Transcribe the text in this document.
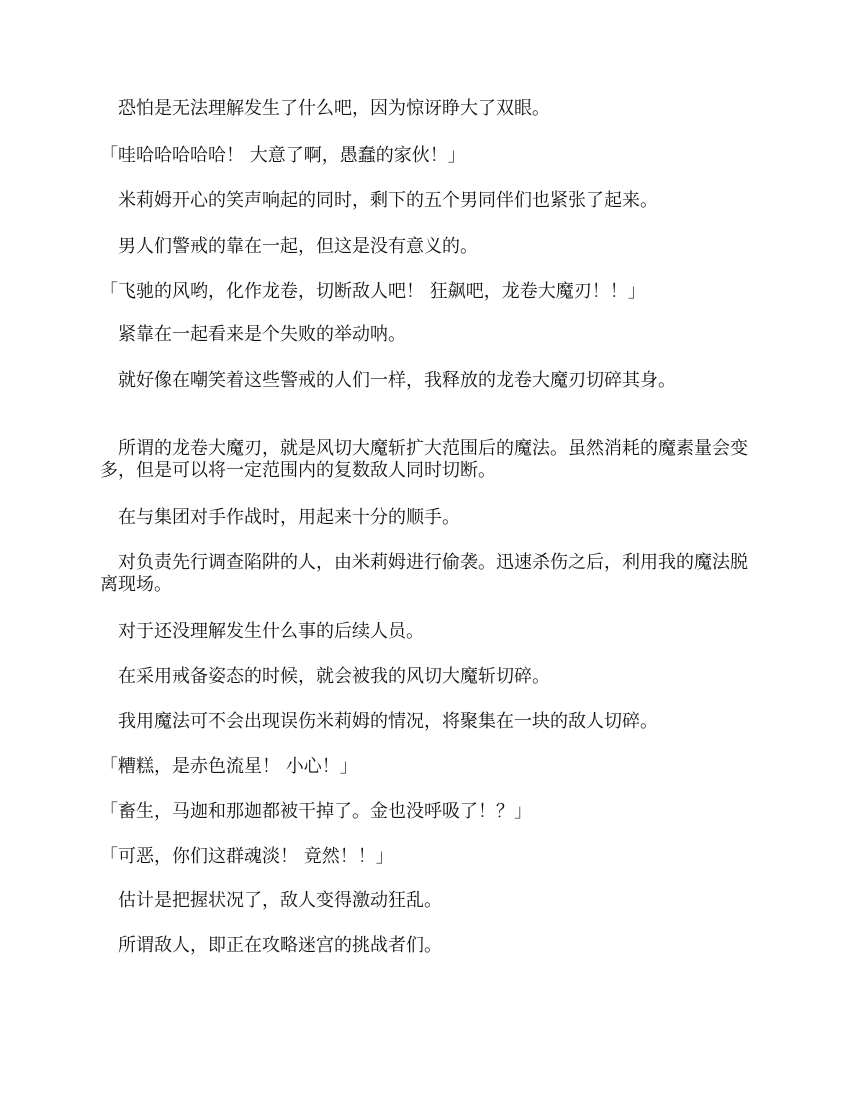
　恐怕是无法理解发生了什么吧，因为惊讶睁大了双眼。

「哇哈哈哈哈哈！ 大意了啊，愚蠢的家伙！」

　米莉姆开心的笑声响起的同时，剩下的五个男同伴们也紧张了起来。

　男人们警戒的靠在一起，但这是没有意义的。

「飞驰的风哟，化作龙卷，切断敌人吧！ 狂飙吧，龙卷大魔刃！！」

　紧靠在一起看来是个失败的举动呐。

　就好像在嘲笑着这些警戒的人们一样，我释放的龙卷大魔刃切碎其身。

　所谓的龙卷大魔刃，就是风切大魔斩扩大范围后的魔法。虽然消耗的魔素量会变多，但是可以将一定范围内的复数敌人同时切断。

　在与集团对手作战时，用起来十分的顺手。

　对负责先行调查陷阱的人，由米莉姆进行偷袭。迅速杀伤之后，利用我的魔法脱离现场。

　对于还没理解发生什么事的后续人员。

　在采用戒备姿态的时候，就会被我的风切大魔斩切碎。

　我用魔法可不会出现误伤米莉姆的情况，将聚集在一块的敌人切碎。

「糟糕，是赤色流星！ 小心！」

「畜生，马迦和那迦都被干掉了。金也没呼吸了！？」

「可恶，你们这群魂淡！ 竟然！！」

　估计是把握状况了，敌人变得激动狂乱。

　所谓敌人，即正在攻略迷宫的挑战者们。
